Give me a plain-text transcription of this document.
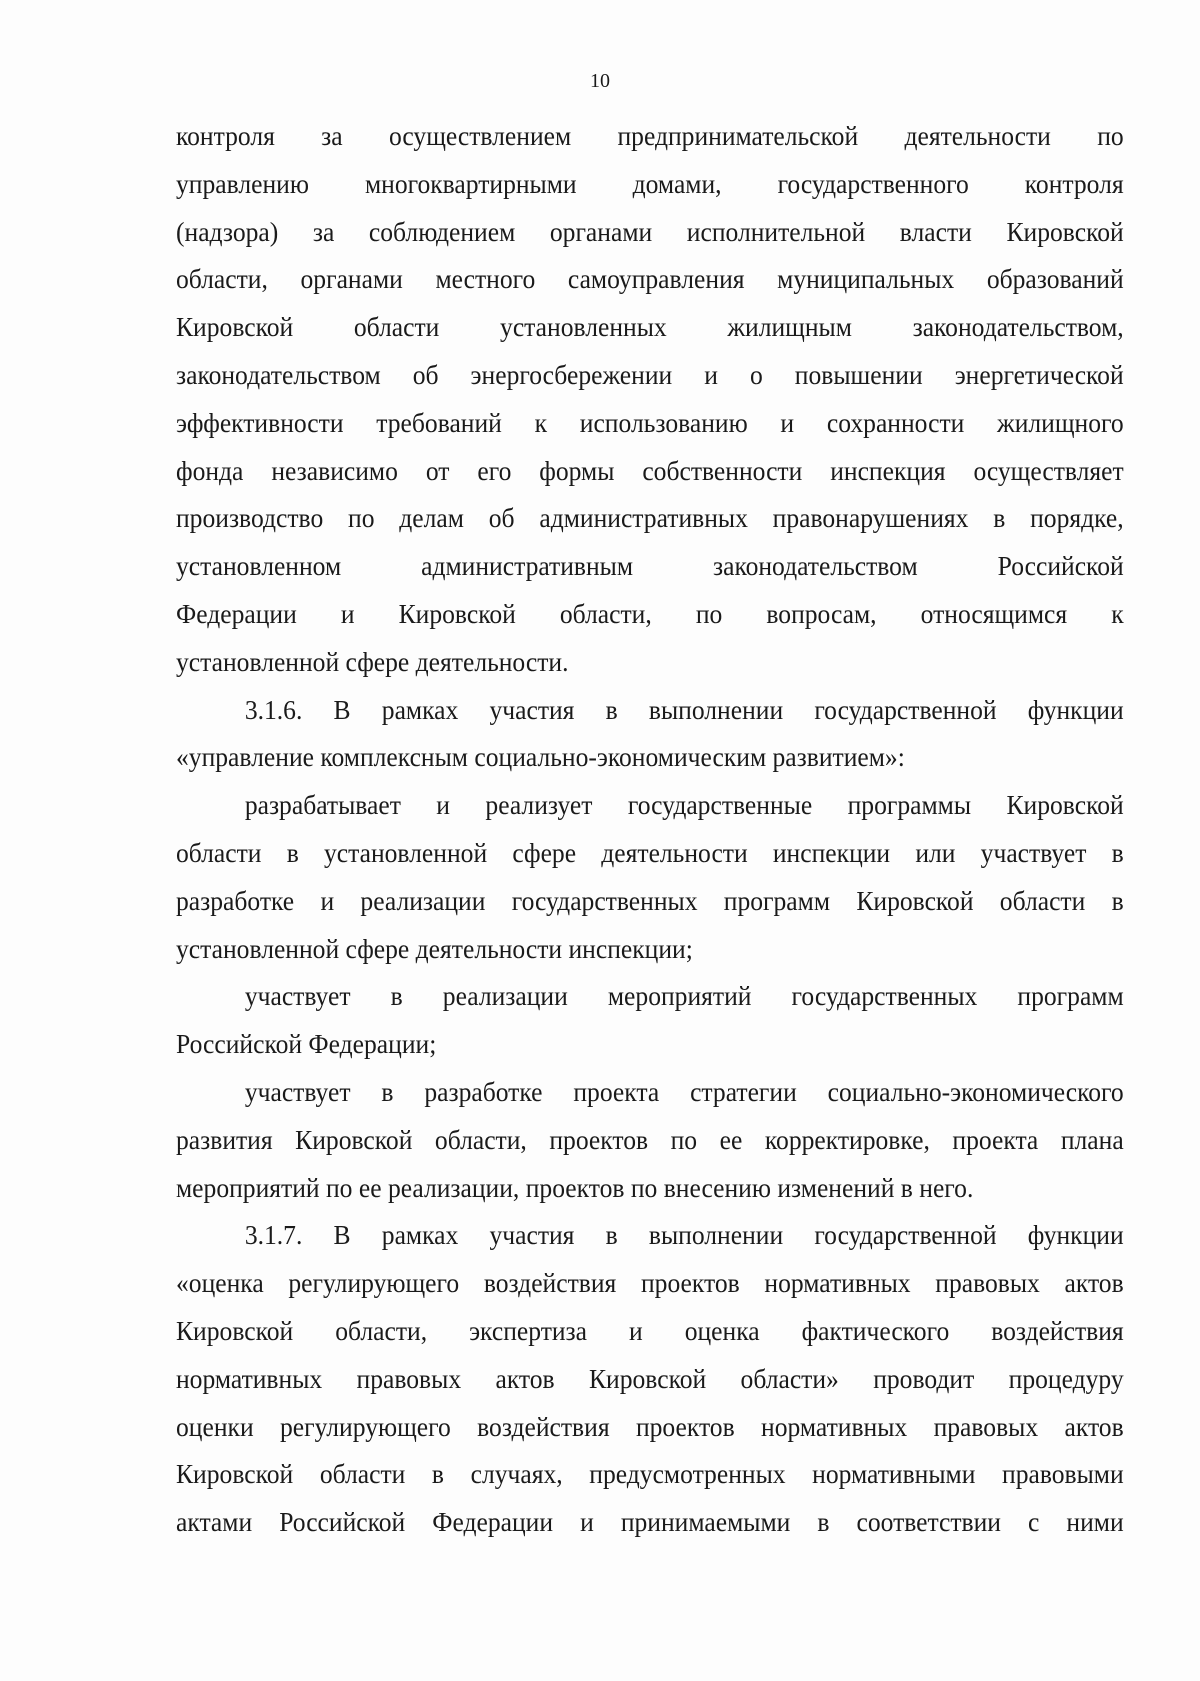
10
контроля за осуществлением предпринимательской деятельности по
управлению многоквартирными домами, государственного контроля
(надзора) за соблюдением органами исполнительной власти Кировской
области, органами местного самоуправления муниципальных образований
Кировской области установленных жилищным законодательством,
законодательством об энергосбережении и о повышении энергетической
эффективности требований к использованию и сохранности жилищного
фонда независимо от его формы собственности инспекция осуществляет
производство по делам об административных правонарушениях в порядке,
установленном административным законодательством Российской
Федерации и Кировской области, по вопросам, относящимся к
установленной сфере деятельности.
3.1.6. В рамках участия в выполнении государственной функции
«управление комплексным социально-экономическим развитием»:
разрабатывает и реализует государственные программы Кировской
области в установленной сфере деятельности инспекции или участвует в
разработке и реализации государственных программ Кировской области в
установленной сфере деятельности инспекции;
участвует в реализации мероприятий государственных программ
Российской Федерации;
участвует в разработке проекта стратегии социально-экономического
развития Кировской области, проектов по ее корректировке, проекта плана
мероприятий по ее реализации, проектов по внесению изменений в него.
3.1.7. В рамках участия в выполнении государственной функции
«оценка регулирующего воздействия проектов нормативных правовых актов
Кировской области, экспертиза и оценка фактического воздействия
нормативных правовых актов Кировской области» проводит процедуру
оценки регулирующего воздействия проектов нормативных правовых актов
Кировской области в случаях, предусмотренных нормативными правовыми
актами Российской Федерации и принимаемыми в соответствии с ними
